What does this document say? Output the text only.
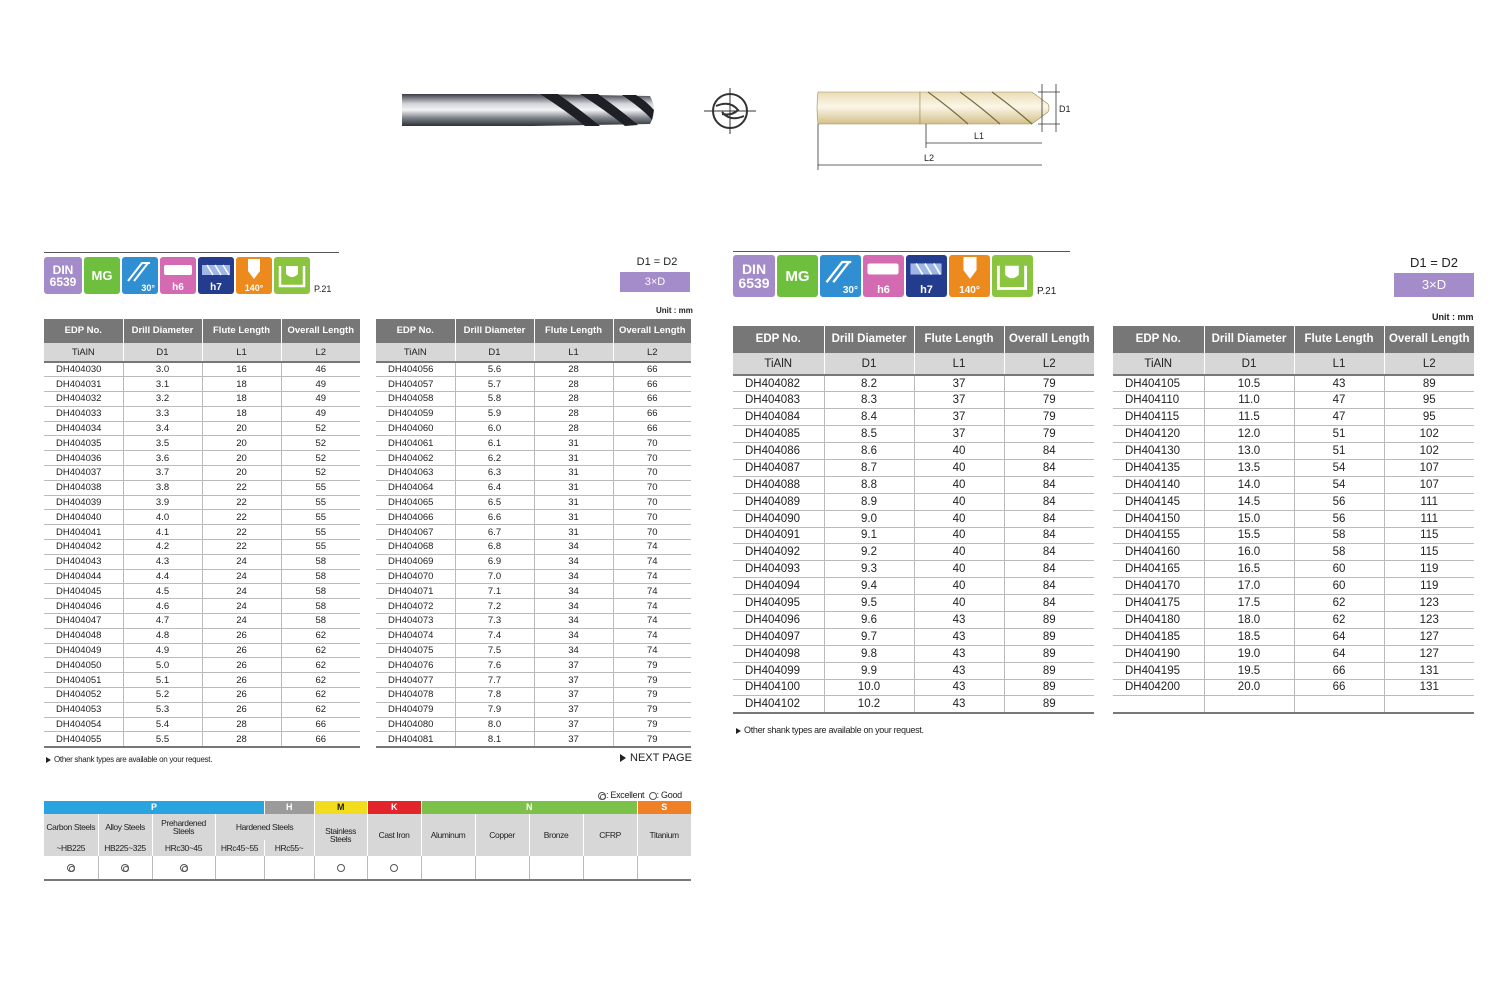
D1
L1
L2
DIN
6539 MG
30°	h6	h7	140°	P.21
D1 = D2
3×D
Unit : mm
EDP No.	Drill Diameter	Flute Length	Overall Length
TiAlN	D1	L1	L2
DH404030	3.0	16	46
DH404031	3.1	18	49
DH404032	3.2	18	49
DH404033	3.3	18	49
DH404034	3.4	20	52
DH404035	3.5	20	52
DH404036	3.6	20	52
DH404037	3.7	20	52
DH404038	3.8	22	55
DH404039	3.9	22	55
DH404040	4.0	22	55
DH404041	4.1	22	55
DH404042	4.2	22	55
DH404043	4.3	24	58
DH404044	4.4	24	58
DH404045	4.5	24	58
DH404046	4.6	24	58
DH404047	4.7	24	58
DH404048	4.8	26	62
DH404049	4.9	26	62
DH404050	5.0	26	62
DH404051	5.1	26	62
DH404052	5.2	26	62
DH404053	5.3	26	62
DH404054	5.4	28	66
DH404055	5.5	28	66
EDP No.	Drill Diameter	Flute Length	Overall Length
TiAlN	D1	L1	L2
DH404056	5.6	28	66
DH404057	5.7	28	66
DH404058	5.8	28	66
DH404059	5.9	28	66
DH404060	6.0	28	66
DH404061	6.1	31	70
DH404062	6.2	31	70
DH404063	6.3	31	70
DH404064	6.4	31	70
DH404065	6.5	31	70
DH404066	6.6	31	70
DH404067	6.7	31	70
DH404068	6.8	34	74
DH404069	6.9	34	74
DH404070	7.0	34	74
DH404071	7.1	34	74
DH404072	7.2	34	74
DH404073	7.3	34	74
DH404074	7.4	34	74
DH404075	7.5	34	74
DH404076	7.6	37	79
DH404077	7.7	37	79
DH404078	7.8	37	79
DH404079	7.9	37	79
DH404080	8.0	37	79
DH404081	8.1	37	79
Other shank types are available on your request.	NEXT PAGE
: Excellent : Good
P				H	M	K	N				S
Carbon Steels	Alloy Steels	Prehardened Steels	Hardened Steels		Stainless Steels	Cast Iron	Aluminum	Copper	Bronze	CFRP	Titanium
~HB225	HB225~325	HRc30~45	HRc45~55	HRc55~							

DIN
6539 MG
30°	h6	h7	140°	P.21
D1 = D2
3×D
Unit : mm
EDP No.	Drill Diameter	Flute Length	Overall Length
TiAlN	D1	L1	L2
DH404082	8.2	37	79
DH404083	8.3	37	79
DH404084	8.4	37	79
DH404085	8.5	37	79
DH404086	8.6	40	84
DH404087	8.7	40	84
DH404088	8.8	40	84
DH404089	8.9	40	84
DH404090	9.0	40	84
DH404091	9.1	40	84
DH404092	9.2	40	84
DH404093	9.3	40	84
DH404094	9.4	40	84
DH404095	9.5	40	84
DH404096	9.6	43	89
DH404097	9.7	43	89
DH404098	9.8	43	89
DH404099	9.9	43	89
DH404100	10.0	43	89
DH404102	10.2	43	89
EDP No.	Drill Diameter	Flute Length	Overall Length
TiAlN	D1	L1	L2
DH404105	10.5	43	89
DH404110	11.0	47	95
DH404115	11.5	47	95
DH404120	12.0	51	102
DH404130	13.0	51	102
DH404135	13.5	54	107
DH404140	14.0	54	107
DH404145	14.5	56	111
DH404150	15.0	56	111
DH404155	15.5	58	115
DH404160	16.0	58	115
DH404165	16.5	60	119
DH404170	17.0	60	119
DH404175	17.5	62	123
DH404180	18.0	62	123
DH404185	18.5	64	127
DH404190	19.0	64	127
DH404195	19.5	66	131
DH404200	20.0	66	131

Other shank types are available on your request.
